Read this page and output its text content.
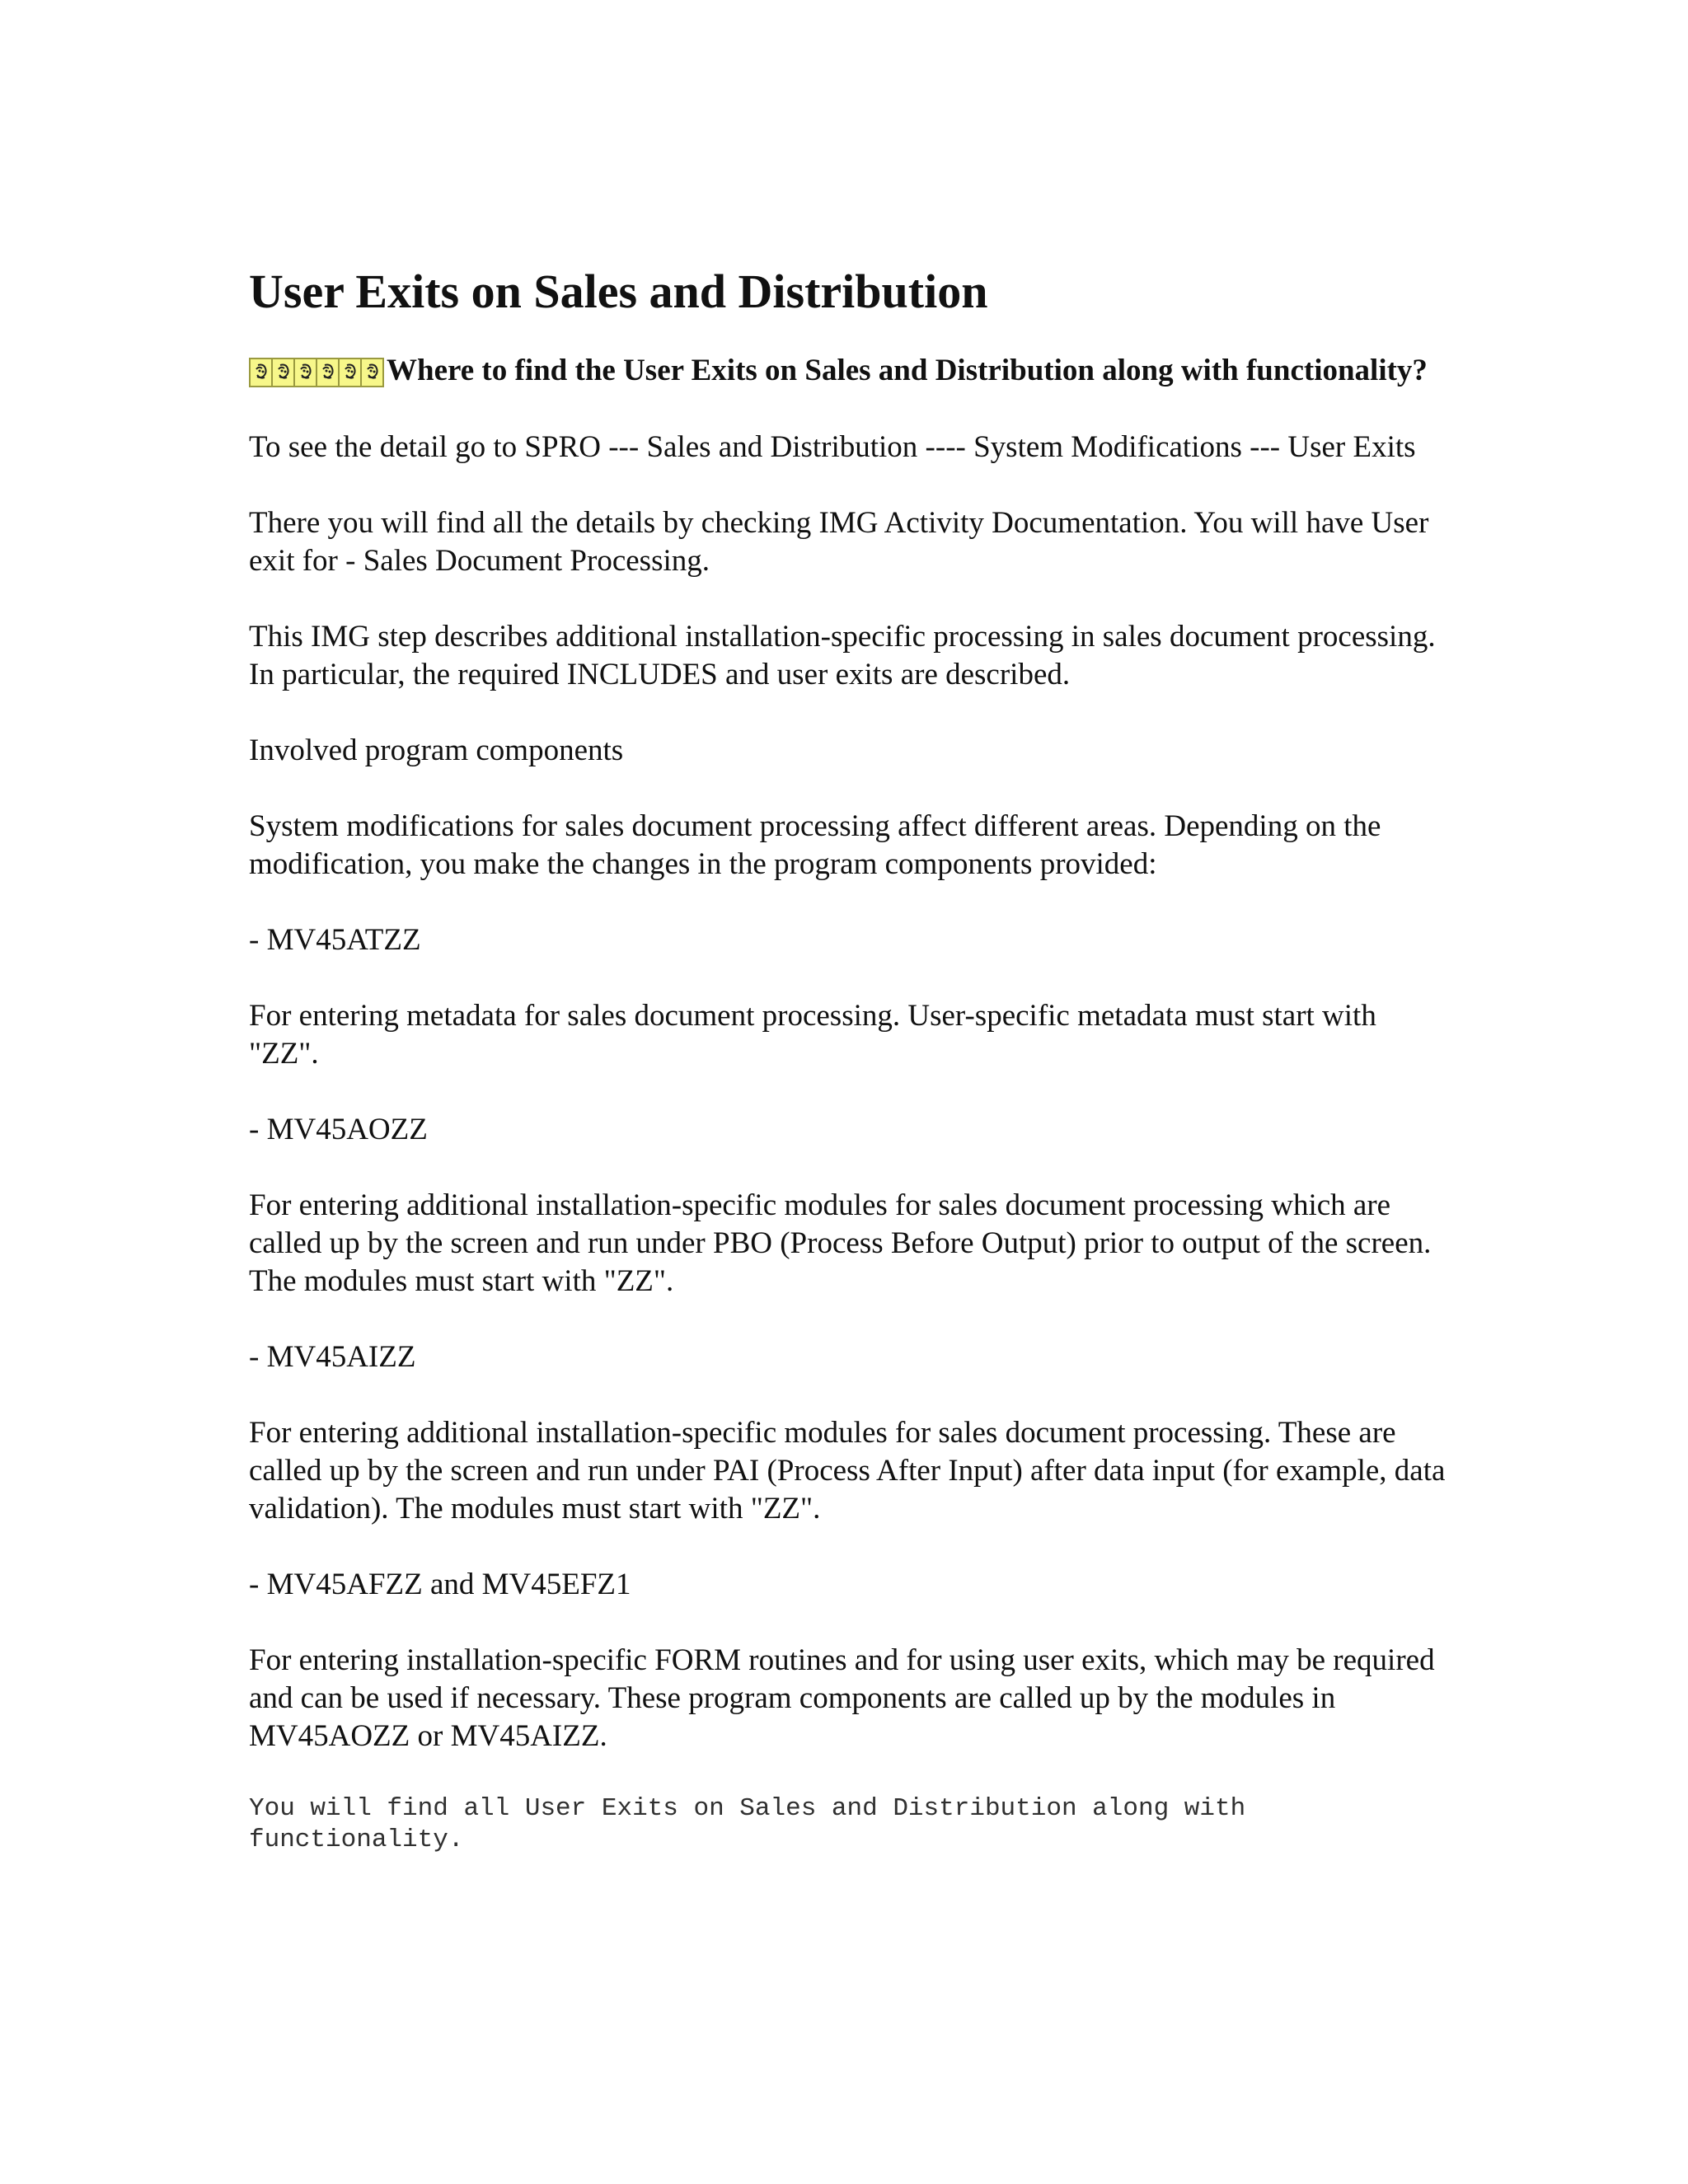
User Exits on Sales and Distribution

Where to find the User Exits on Sales and Distribution along with functionality?

To see the detail go to SPRO --- Sales and Distribution ---- System Modifications --- User Exits

There you will find all the details by checking IMG Activity Documentation. You will have User exit for - Sales Document Processing.

This IMG step describes additional installation-specific processing in sales document processing. In particular, the required INCLUDES and user exits are described.

Involved program components

System modifications for sales document processing affect different areas. Depending on the modification, you make the changes in the program components provided:

- MV45ATZZ

For entering metadata for sales document processing. User-specific metadata must start with "ZZ".

- MV45AOZZ

For entering additional installation-specific modules for sales document processing which are called up by the screen and run under PBO (Process Before Output) prior to output of the screen. The modules must start with "ZZ".

- MV45AIZZ

For entering additional installation-specific modules for sales document processing. These are called up by the screen and run under PAI (Process After Input) after data input (for example, data validation). The modules must start with "ZZ".

- MV45AFZZ and MV45EFZ1

For entering installation-specific FORM routines and for using user exits, which may be required and can be used if necessary. These program components are called up by the modules in MV45AOZZ or MV45AIZZ.

You will find all User Exits on Sales and Distribution along with functionality.
